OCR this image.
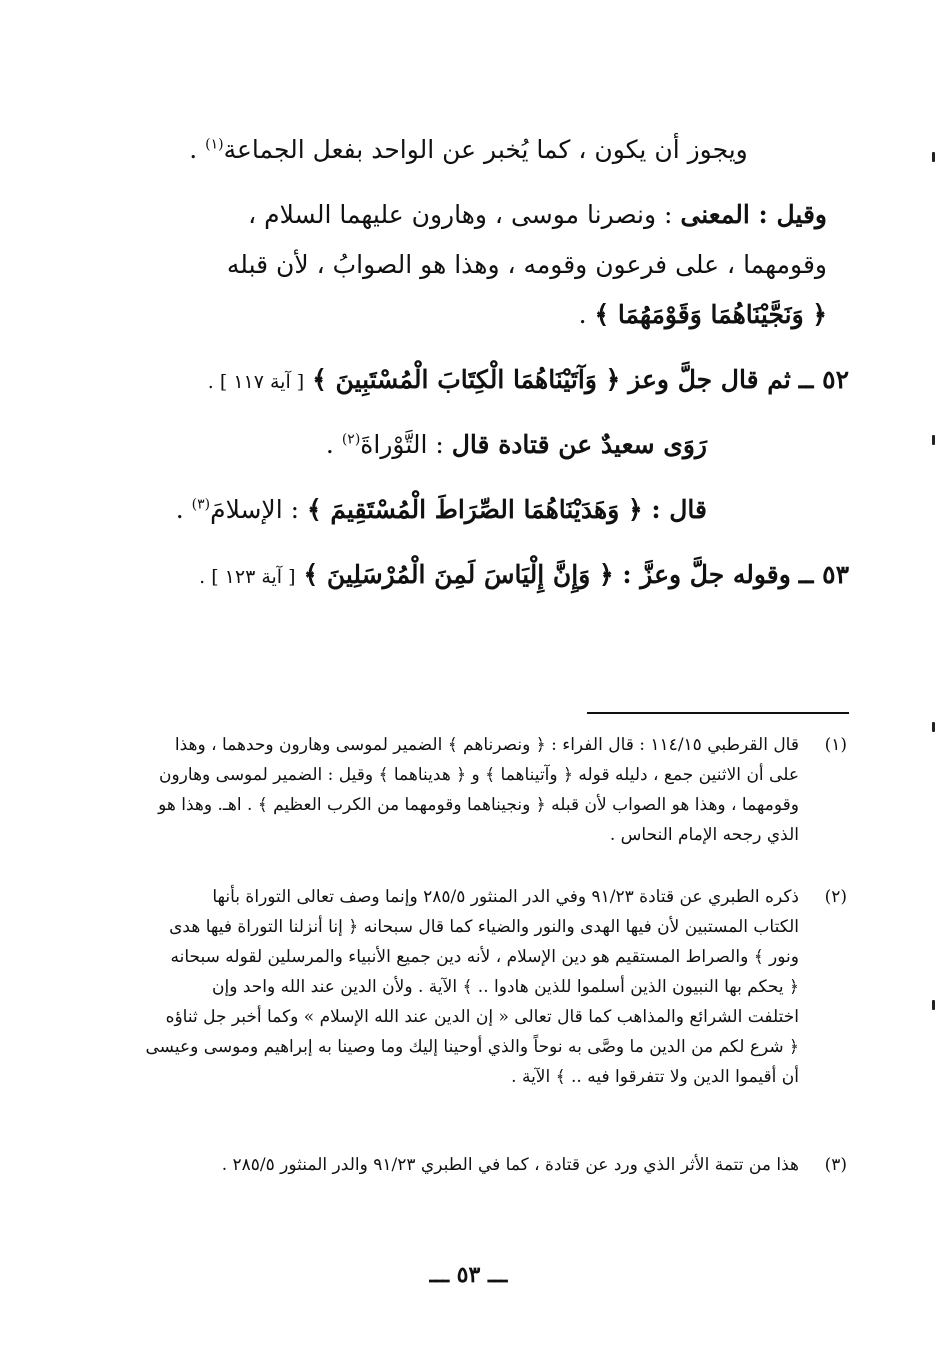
ويجوز أن يكون ، كما يُخبر عن الواحد بفعل الجماعة$^{(١)}$ .
وقيل : المعنى : ونصرنا موسى ، وهارون عليهما السلام ،
وقومهما ، على فرعون وقومه ، وهذا هو الصوابُ ، لأن قبله
﴿ وَنَجَّيْنَاهُمَا وَقَوْمَهُمَا ﴾ .
٥٢ ــ ثم قال جلَّ وعز ﴿ وَآتَيْنَاهُمَا الْكِتَابَ الْمُسْتَبِينَ ﴾ [ آية ١١٧ ] .
رَوَى سعيدٌ عن قتادة قال : التَّوْراةَ$^{(٢)}$ .
قال : ﴿ وَهَدَيْنَاهُمَا الصِّرَاطَ الْمُسْتَقِيمَ ﴾ : الإسلامَ$^{(٣)}$ .
٥٣ ــ وقوله جلَّ وعزَّ : ﴿ وَإِنَّ إِلْيَاسَ لَمِنَ الْمُرْسَلِينَ ﴾ [ آية ١٢٣ ] .
(١)قال القرطبي ١١٤/١٥ : قال الفراء : ﴿ ونصرناهم ﴾ الضمير لموسى وهارون وحدهما ، وهذا
على أن الاثنين جمع ، دليله قوله ﴿ وآتيناهما ﴾ و ﴿ هديناهما ﴾ وقيل : الضمير لموسى وهارون
وقومهما ، وهذا هو الصواب لأن قبله ﴿ ونجيناهما وقومهما من الكرب العظيم ﴾ . اهـ. وهذا هو
الذي رجحه الإمام النحاس .
(٢)ذكره الطبري عن قتادة ٩١/٢٣ وفي الدر المنثور ٢٨٥/٥ وإنما وصف تعالى التوراة بأنها
الكتاب المستبين لأن فيها الهدى والنور والضياء كما قال سبحانه ﴿ إنا أنزلنا التوراة فيها هدى
ونور ﴾ والصراط المستقيم هو دين الإسلام ، لأنه دين جميع الأنبياء والمرسلين لقوله سبحانه
﴿ يحكم بها النبيون الذين أسلموا للذين هادوا .. ﴾ الآية . ولأن الدين عند الله واحد وإن
اختلفت الشرائع والمذاهب كما قال تعالى « إن الدين عند الله الإسلام » وكما أخبر جل ثناؤه
﴿ شرع لكم من الدين ما وصَّى به نوحاً والذي أوحينا إليك وما وصينا به إبراهيم وموسى وعيسى
أن أقيموا الدين ولا تتفرقوا فيه .. ﴾ الآية .
(٣)هذا من تتمة الأثر الذي ورد عن قتادة ، كما في الطبري ٩١/٢٣ والدر المنثور ٢٨٥/٥ .
ـــ ٥٣ ـــ
